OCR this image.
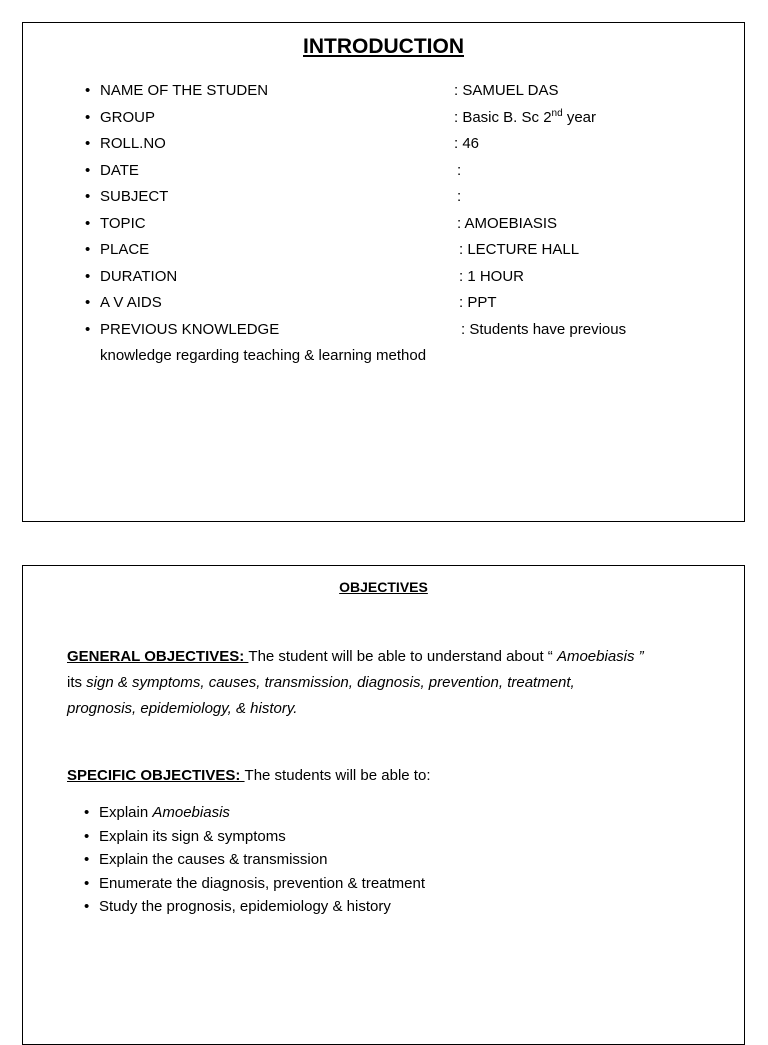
INTRODUCTION
• NAME OF THE STUDEN	: SAMUEL DAS
• GROUP	: Basic B. Sc 2nd year
• ROLL.NO	: 46
• DATE	:
• SUBJECT	:
• TOPIC	: AMOEBIASIS
• PLACE	: LECTURE HALL
• DURATION	: 1 HOUR
• A V AIDS	: PPT
• PREVIOUS KNOWLEDGE	: Students have previous
knowledge regarding teaching & learning method
OBJECTIVES
GENERAL OBJECTIVES: The student will be able to understand about “ Amoebiasis ”
its sign & symptoms, causes, transmission, diagnosis, prevention, treatment,
prognosis, epidemiology, & history.
SPECIFIC OBJECTIVES: The students will be able to:
• Explain Amoebiasis
• Explain its sign & symptoms
• Explain the causes & transmission
• Enumerate the diagnosis, prevention & treatment
• Study the prognosis, epidemiology & history
